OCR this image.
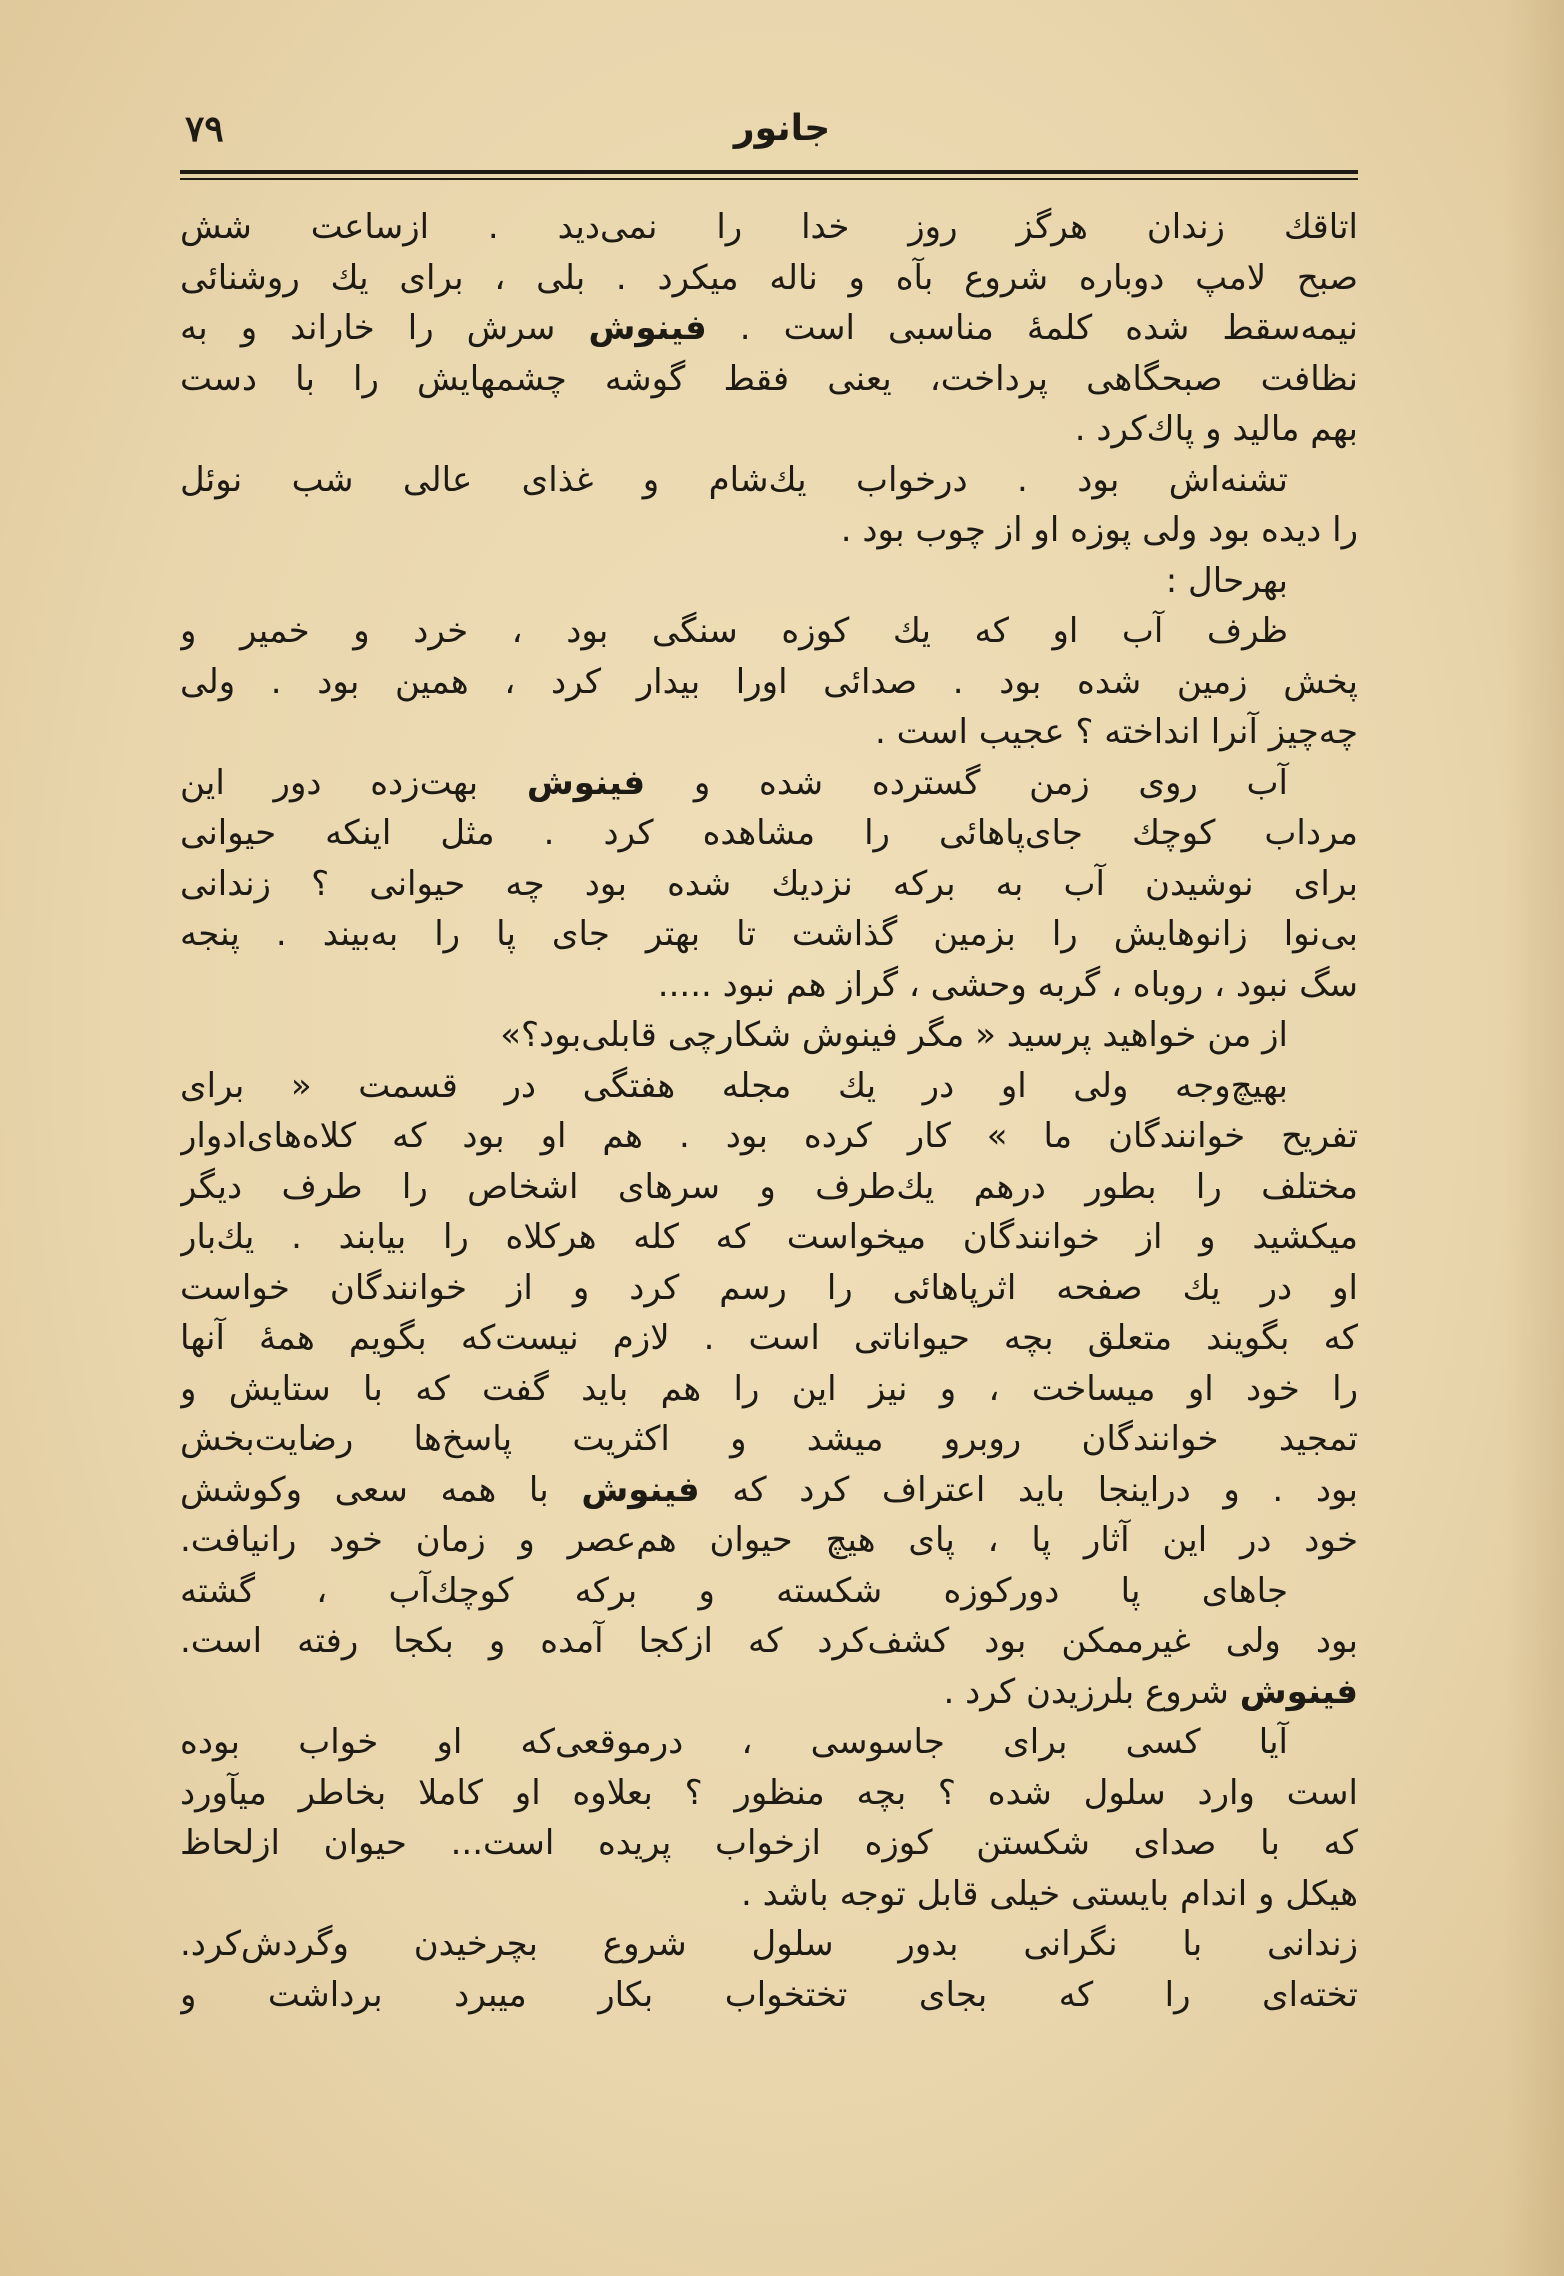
۷۹	جانور
اتاقك زندان هرگز روز خدا را نمی‌دید . ازساعت شش
صبح لامپ دوباره شروع بآه و ناله میکرد . بلی ، برای یك روشنائی
نیمه‌سقط شده کلمهٔ مناسبی است . فینوش سرش را خاراند و به
نظافت صبحگاهی پرداخت، یعنی فقط گوشه چشمهایش را با دست
بهم مالید و پاك‌کرد .
تشنه‌اش بود . درخواب یك‌شام و غذای عالی شب نوئل
را دیده بود ولی پوزه او از چوب بود .
بهرحال :
ظرف آب او که یك کوزه سنگی بود ، خرد و خمیر و
پخش زمین شده بود . صدائی اورا بیدار کرد ، همین بود . ولی
چه‌چیز آنرا انداخته ؟ عجیب است .
آب روی زمن گسترده شده و فینوش بهت‌زده دور این
مرداب کوچك جای‌پاهائی را مشاهده کرد . مثل اینکه حیوانی
برای نوشیدن آب به برکه نزدیك شده بود چه حیوانی ؟ زندانی
بی‌نوا زانوهایش را بزمین گذاشت تا بهتر جای پا را به‌بیند . پنجه
سگ نبود ، روباه ، گربه وحشی ، گراز هم نبود .....
از من خواهید پرسید « مگر فینوش شکارچی قابلی‌بود؟»
بهیچ‌وجه ولی او در یك مجله هفتگی در قسمت « برای
تفریح خوانندگان ما » کار کرده بود . هم او بود که کلاه‌های‌ادوار
مختلف را بطور درهم یك‌طرف و سرهای اشخاص را طرف دیگر
میکشید و از خوانندگان میخواست که کله هرکلاه را بیابند . یك‌بار
او در یك صفحه اثرپاهائی را رسم کرد و از خوانندگان خواست
که بگویند متعلق بچه حیواناتی است . لازم نیست‌که بگویم همهٔ آنها
را خود او میساخت ، و نیز این را هم باید گفت که با ستایش و
تمجید خوانندگان روبرو میشد و اکثریت پاسخ‌ها رضایت‌بخش
بود . و دراینجا باید اعتراف کرد که فینوش با همه سعی وکوشش
خود در این آثار پا ، پای هیچ حیوان هم‌عصر و زمان خود رانیافت.
جاهای پا دورکوزه شکسته و برکه کوچك‌آب ، گشته
بود ولی غیرممکن بود کشف‌کرد که ازکجا آمده و بکجا رفته است.
فینوش شروع بلرزیدن کرد .
آیا کسی برای جاسوسی ، درموقعی‌که او خواب بوده
است وارد سلول شده ؟ بچه منظور ؟ بعلاوه او کاملا بخاطر میآورد
که با صدای شکستن کوزه ازخواب پریده است... حیوان ازلحاظ
هیکل و اندام بایستی خیلی قابل توجه باشد .
زندانی با نگرانی بدور سلول شروع بچرخیدن وگردش‌کرد.
تخته‌ای را که بجای تختخواب بکار میبرد برداشت و
